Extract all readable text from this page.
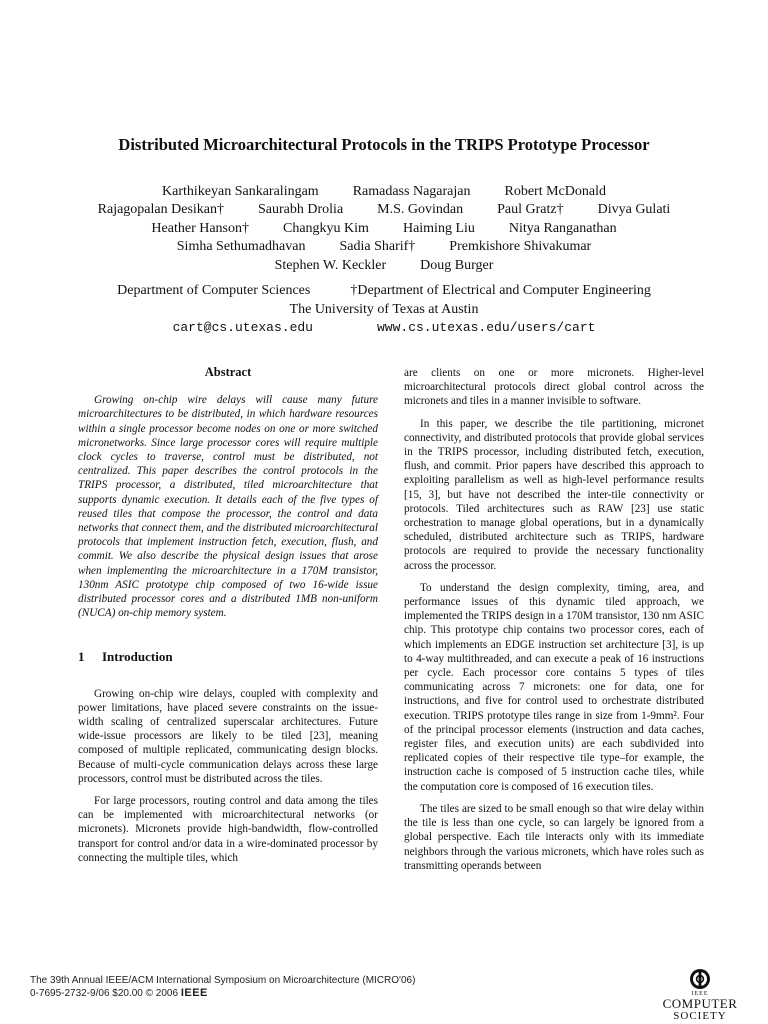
Distributed Microarchitectural Protocols in the TRIPS Prototype Processor
Karthikeyan Sankaralingam Ramadass Nagarajan Robert McDonald
Rajagopalan Desikan† Saurabh Drolia M.S. Govindan Paul Gratz† Divya Gulati
Heather Hanson† Changkyu Kim Haiming Liu Nitya Ranganathan
Simha Sethumadhavan Sadia Sharif† Premkishore Shivakumar
Stephen W. Keckler Doug Burger
Department of Computer Sciences	†Department of Electrical and Computer Engineering
The University of Texas at Austin
cart@cs.utexas.edu	www.cs.utexas.edu/users/cart
Abstract

Growing on-chip wire delays will cause many future microarchitectures to be distributed, in which hardware resources within a single processor become nodes on one or more switched micronetworks. Since large processor cores will require multiple clock cycles to traverse, control must be distributed, not centralized. This paper describes the control protocols in the TRIPS processor, a distributed, tiled microarchitecture that supports dynamic execution. It details each of the five types of reused tiles that compose the processor, the control and data networks that connect them, and the distributed microarchitectural protocols that implement instruction fetch, execution, flush, and commit. We also describe the physical design issues that arose when implementing the microarchitecture in a 170M transistor, 130nm ASIC prototype chip composed of two 16-wide issue distributed processor cores and a distributed 1MB non-uniform (NUCA) on-chip memory system.

1 Introduction

Growing on-chip wire delays, coupled with complexity and power limitations, have placed severe constraints on the issue-width scaling of centralized superscalar architectures. Future wide-issue processors are likely to be tiled [23], meaning composed of multiple replicated, communicating design blocks. Because of multi-cycle communication delays across these large processors, control must be distributed across the tiles.

For large processors, routing control and data among the tiles can be implemented with microarchitectural networks (or micronets). Micronets provide high-bandwidth, flow-controlled transport for control and/or data in a wire-dominated processor by connecting the multiple tiles, which

are clients on one or more micronets. Higher-level microarchitectural protocols direct global control across the micronets and tiles in a manner invisible to software.

In this paper, we describe the tile partitioning, micronet connectivity, and distributed protocols that provide global services in the TRIPS processor, including distributed fetch, execution, flush, and commit. Prior papers have described this approach to exploiting parallelism as well as high-level performance results [15, 3], but have not described the inter-tile connectivity or protocols. Tiled architectures such as RAW [23] use static orchestration to manage global operations, but in a dynamically scheduled, distributed architecture such as TRIPS, hardware protocols are required to provide the necessary functionality across the processor.

To understand the design complexity, timing, area, and performance issues of this dynamic tiled approach, we implemented the TRIPS design in a 170M transistor, 130 nm ASIC chip. This prototype chip contains two processor cores, each of which implements an EDGE instruction set architecture [3], is up to 4-way multithreaded, and can execute a peak of 16 instructions per cycle. Each processor core contains 5 types of tiles communicating across 7 micronets: one for data, one for instructions, and five for control used to orchestrate distributed execution. TRIPS prototype tiles range in size from 1-9mm². Four of the principal processor elements (instruction and data caches, register files, and execution units) are each subdivided into replicated copies of their respective tile type–for example, the instruction cache is composed of 5 instruction cache tiles, while the computation core is composed of 16 execution tiles.

The tiles are sized to be small enough so that wire delay within the tile is less than one cycle, so can largely be ignored from a global perspective. Each tile interacts only with its immediate neighbors through the various micronets, which have roles such as transmitting operands between

The 39th Annual IEEE/ACM International Symposium on Microarchitecture (MICRO'06)
0-7695-2732-9/06 $20.00 © 2006 IEEE	IEEE
COMPUTER
SOCIETY
